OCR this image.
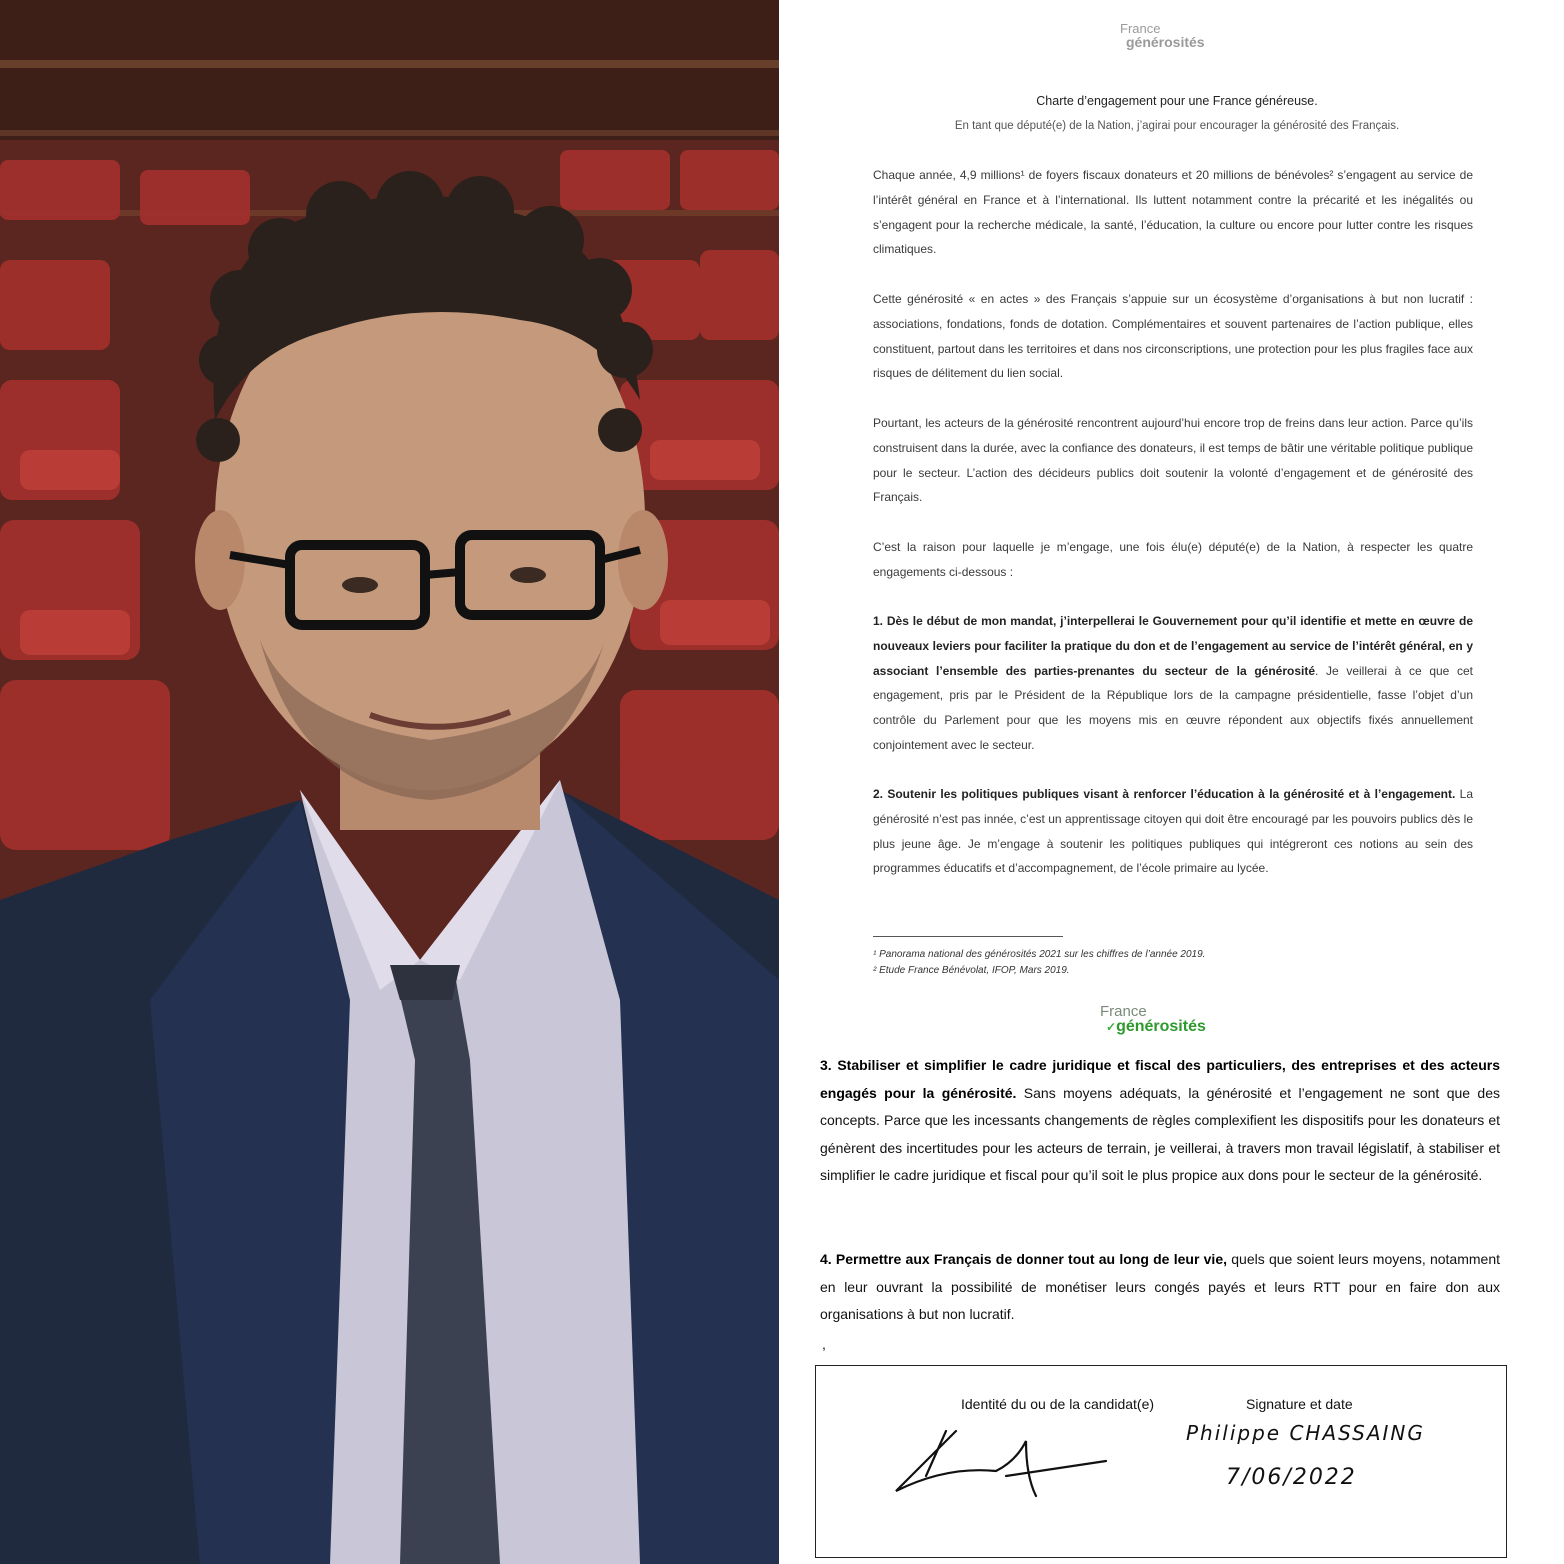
France
générosités
Charte d’engagement pour une France généreuse.
En tant que député(e) de la Nation, j’agirai pour encourager la générosité des Français.
Chaque année, 4,9 millions¹ de foyers fiscaux donateurs et 20 millions de bénévoles² s’engagent au service de l’intérêt général en France et à l’international. Ils luttent notamment contre la précarité et les inégalités ou s’engagent pour la recherche médicale, la santé, l’éducation, la culture ou encore pour lutter contre les risques climatiques.
Cette générosité « en actes » des Français s’appuie sur un écosystème d’organisations à but non lucratif : associations, fondations, fonds de dotation. Complémentaires et souvent partenaires de l’action publique, elles constituent, partout dans les territoires et dans nos circonscriptions, une protection pour les plus fragiles face aux risques de délitement du lien social.
Pourtant, les acteurs de la générosité rencontrent aujourd’hui encore trop de freins dans leur action. Parce qu’ils construisent dans la durée, avec la confiance des donateurs, il est temps de bâtir une véritable politique publique pour le secteur. L’action des décideurs publics doit soutenir la volonté d’engagement et de générosité des Français.
C’est la raison pour laquelle je m’engage, une fois élu(e) député(e) de la Nation, à respecter les quatre engagements ci-dessous :
1. Dès le début de mon mandat, j’interpellerai le Gouvernement pour qu’il identifie et mette en œuvre de nouveaux leviers pour faciliter la pratique du don et de l’engagement au service de l’intérêt général, en y associant l’ensemble des parties-prenantes du secteur de la générosité. Je veillerai à ce que cet engagement, pris par le Président de la République lors de la campagne présidentielle, fasse l’objet d’un contrôle du Parlement pour que les moyens mis en œuvre répondent aux objectifs fixés annuellement conjointement avec le secteur.
2. Soutenir les politiques publiques visant à renforcer l’éducation à la générosité et à l’engagement. La générosité n’est pas innée, c’est un apprentissage citoyen qui doit être encouragé par les pouvoirs publics dès le plus jeune âge. Je m’engage à soutenir les politiques publiques qui intégreront ces notions au sein des programmes éducatifs et d’accompagnement, de l’école primaire au lycée.
¹ Panorama national des générosités 2021 sur les chiffres de l’année 2019.
² Etude France Bénévolat, IFOP, Mars 2019.
France
✓générosités
3. Stabiliser et simplifier le cadre juridique et fiscal des particuliers, des entreprises et des acteurs engagés pour la générosité. Sans moyens adéquats, la générosité et l’engagement ne sont que des concepts. Parce que les incessants changements de règles complexifient les dispositifs pour les donateurs et génèrent des incertitudes pour les acteurs de terrain, je veillerai, à travers mon travail législatif, à stabiliser et simplifier le cadre juridique et fiscal pour qu’il soit le plus propice aux dons pour le secteur de la générosité.
4. Permettre aux Français de donner tout au long de leur vie, quels que soient leurs moyens, notamment en leur ouvrant la possibilité de monétiser leurs congés payés et leurs RTT pour en faire don aux organisations à but non lucratif.
,
Identité du ou de la candidat(e)	Signature et date
Philippe CHASSAING
7/06/2022
